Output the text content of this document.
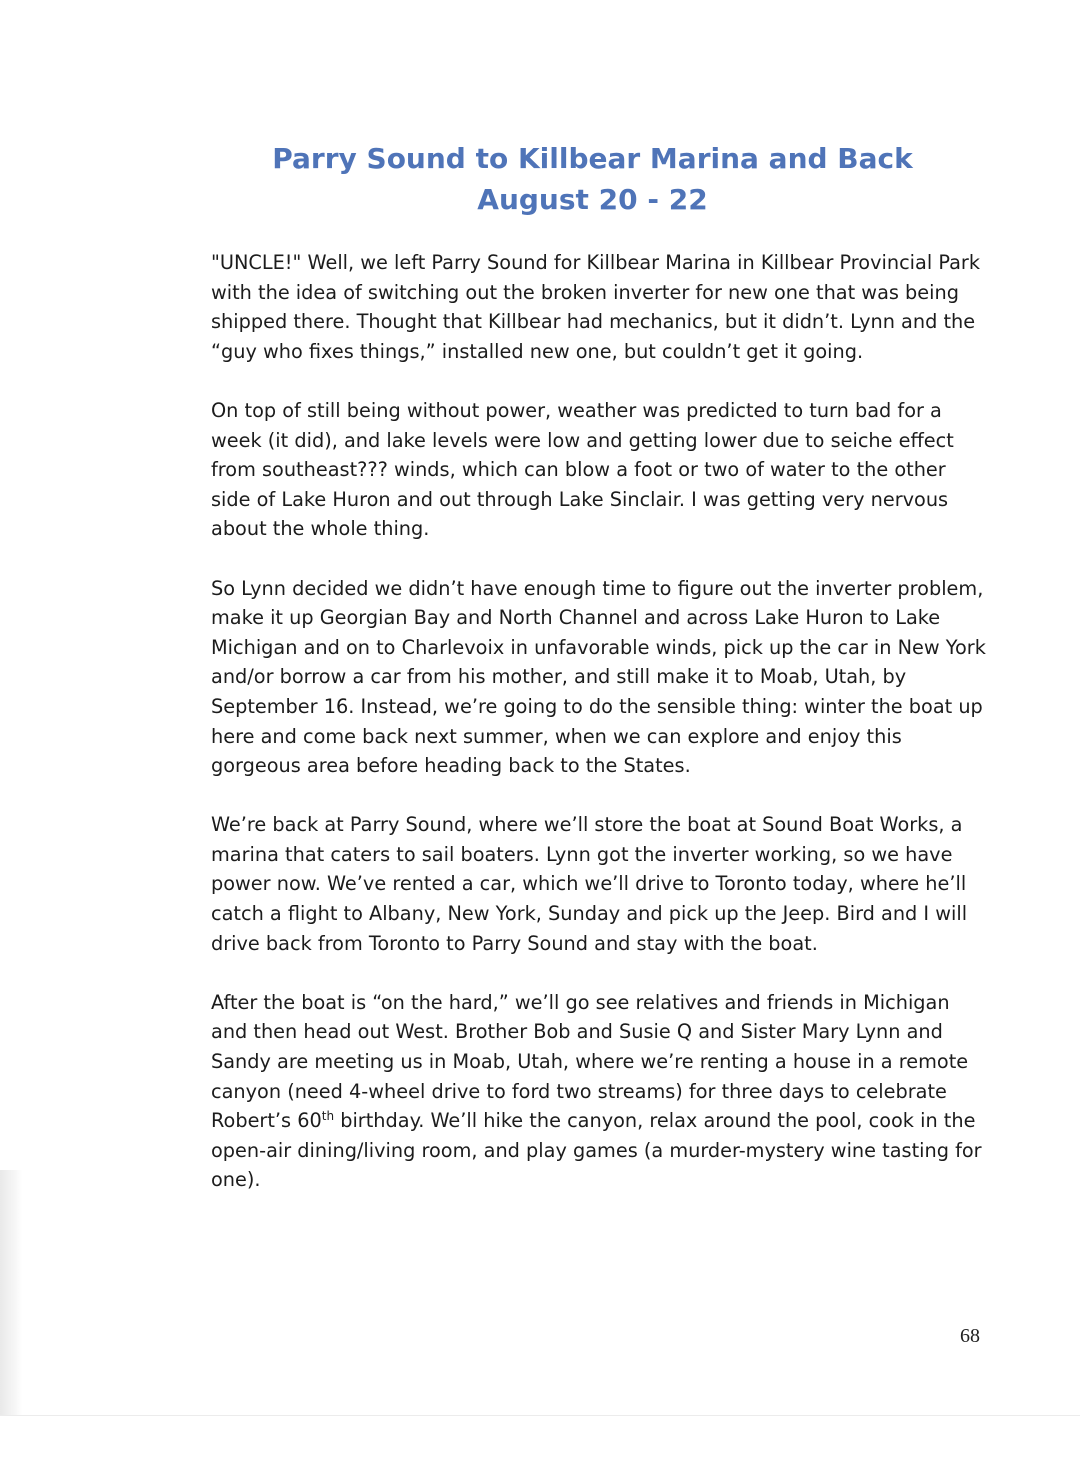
Parry Sound to Killbear Marina and Back
August 20 - 22

"UNCLE!" Well, we left Parry Sound for Killbear Marina in Killbear Provincial Park with the idea of switching out the broken inverter for new one that was being shipped there. Thought that Killbear had mechanics, but it didn’t. Lynn and the “guy who fixes things,” installed new one, but couldn’t get it going.

On top of still being without power, weather was predicted to turn bad for a week (it did), and lake levels were low and getting lower due to seiche effect from southeast??? winds, which can blow a foot or two of water to the other side of Lake Huron and out through Lake Sinclair. I was getting very nervous about the whole thing.

So Lynn decided we didn’t have enough time to figure out the inverter problem, make it up Georgian Bay and North Channel and across Lake Huron to Lake Michigan and on to Charlevoix in unfavorable winds, pick up the car in New York and/or borrow a car from his mother, and still make it to Moab, Utah, by September 16. Instead, we’re going to do the sensible thing: winter the boat up here and come back next summer, when we can explore and enjoy this gorgeous area before heading back to the States.

We’re back at Parry Sound, where we’ll store the boat at Sound Boat Works, a marina that caters to sail boaters. Lynn got the inverter working, so we have power now. We’ve rented a car, which we’ll drive to Toronto today, where he’ll catch a flight to Albany, New York, Sunday and pick up the Jeep. Bird and I will drive back from Toronto to Parry Sound and stay with the boat.

After the boat is “on the hard,” we’ll go see relatives and friends in Michigan and then head out West. Brother Bob and Susie Q and Sister Mary Lynn and Sandy are meeting us in Moab, Utah, where we’re renting a house in a remote canyon (need 4-wheel drive to ford two streams) for three days to celebrate Robert’s 60th birthday. We’ll hike the canyon, relax around the pool, cook in the open-air dining/living room, and play games (a murder-mystery wine tasting for one).

68
